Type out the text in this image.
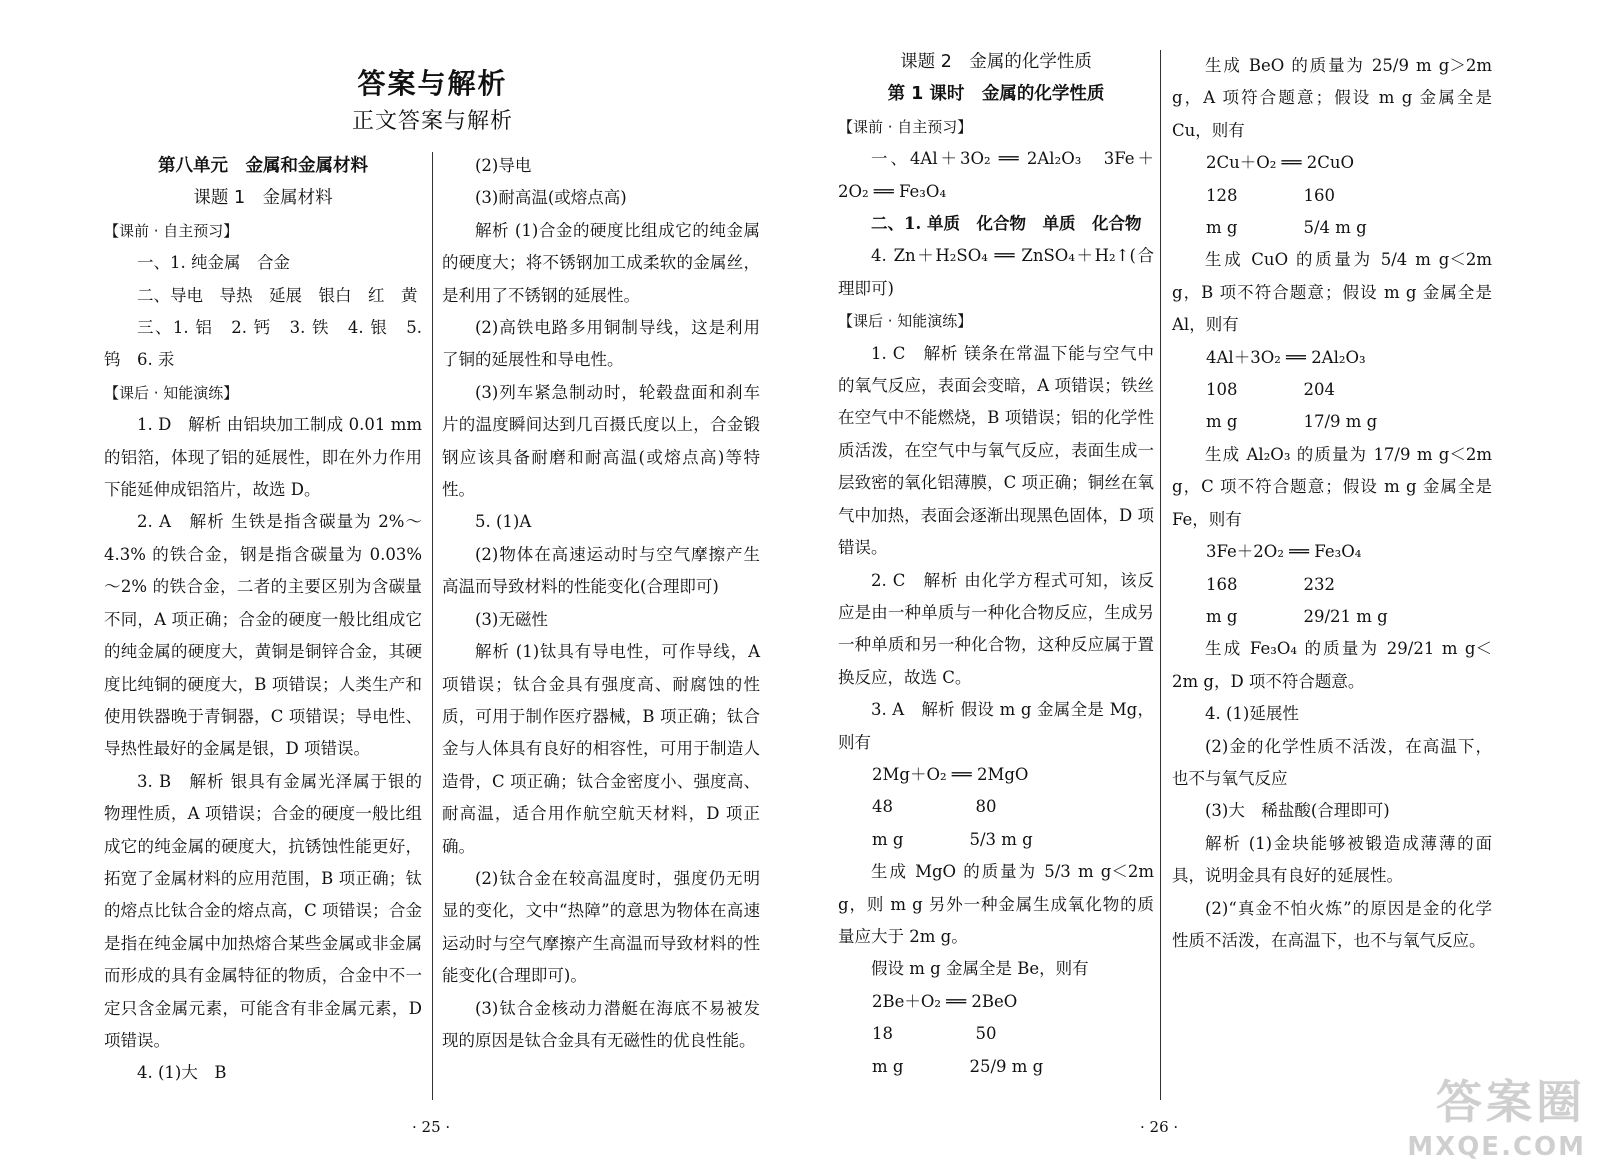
答案与解析
正文答案与解析

第八单元　金属和金属材料

课题 1　金属材料

【课前 · 自主预习】

一、1. 纯金属　合金

二、导电　导热　延展　银白　红　黄

三、1. 铝　2. 钙　3. 铁　4. 银　5. 钨　6. 汞

【课后 · 知能演练】

1. D　解析 由铝块加工制成 0.01 mm 的铝箔，体现了铝的延展性，即在外力作用下能延伸成铝箔片，故选 D。

2. A　解析 生铁是指含碳量为 2%～4.3% 的铁合金，钢是指含碳量为 0.03%～2% 的铁合金，二者的主要区别为含碳量不同，A 项正确；合金的硬度一般比组成它的纯金属的硬度大，黄铜是铜锌合金，其硬度比纯铜的硬度大，B 项错误；人类生产和使用铁器晚于青铜器，C 项错误；导电性、导热性最好的金属是银，D 项错误。

3. B　解析 银具有金属光泽属于银的物理性质，A 项错误；合金的硬度一般比组成它的纯金属的硬度大，抗锈蚀性能更好，拓宽了金属材料的应用范围，B 项正确；钛的熔点比钛合金的熔点高，C 项错误；合金是指在纯金属中加热熔合某些金属或非金属而形成的具有金属特征的物质，合金中不一定只含金属元素，可能含有非金属元素，D 项错误。

4. (1)大　B

(2)导电

(3)耐高温(或熔点高)

解析 (1)合金的硬度比组成它的纯金属的硬度大；将不锈钢加工成柔软的金属丝，是利用了不锈钢的延展性。

(2)高铁电路多用铜制导线，这是利用了铜的延展性和导电性。

(3)列车紧急制动时，轮毂盘面和刹车片的温度瞬间达到几百摄氏度以上，合金锻钢应该具备耐磨和耐高温(或熔点高)等特性。

5. (1)A

(2)物体在高速运动时与空气摩擦产生高温而导致材料的性能变化(合理即可)

(3)无磁性

解析 (1)钛具有导电性，可作导线，A 项错误；钛合金具有强度高、耐腐蚀的性质，可用于制作医疗器械，B 项正确；钛合金与人体具有良好的相容性，可用于制造人造骨，C 项正确；钛合金密度小、强度高、耐高温，适合用作航空航天材料，D 项正确。

(2)钛合金在较高温度时，强度仍无明显的变化，文中“热障”的意思为物体在高速运动时与空气摩擦产生高温而导致材料的性能变化(合理即可)。

(3)钛合金核动力潜艇在海底不易被发现的原因是钛合金具有无磁性的优良性能。

课题 2　金属的化学性质

第 1 课时　金属的化学性质

【课前 · 自主预习】

一、4Al＋3O₂ ══ 2Al₂O₃　3Fe＋2O₂ ══ Fe₃O₄

二、1. 单质　化合物　单质　化合物

4. Zn＋H₂SO₄ ══ ZnSO₄＋H₂↑(合理即可)

【课后 · 知能演练】

1. C　解析 镁条在常温下能与空气中的氧气反应，表面会变暗，A 项错误；铁丝在空气中不能燃烧，B 项错误；铝的化学性质活泼，在空气中与氧气反应，表面生成一层致密的氧化铝薄膜，C 项正确；铜丝在氧气中加热，表面会逐渐出现黑色固体，D 项错误。

2. C　解析 由化学方程式可知，该反应是由一种单质与一种化合物反应，生成另一种单质和另一种化合物，这种反应属于置换反应，故选 C。

3. A　解析 假设 m g 金属全是 Mg，则有

2Mg＋O₂ ══ 2MgO

48　　　　　80

m g　　　　5/3 m g

生成 MgO 的质量为 5/3 m g＜2m g，则 m g 另外一种金属生成氧化物的质量应大于 2m g。

假设 m g 金属全是 Be，则有

2Be＋O₂ ══ 2BeO

18　　　　　50

m g　　　　25/9 m g

生成 BeO 的质量为 25/9 m g＞2m g，A 项符合题意；假设 m g 金属全是 Cu，则有

2Cu＋O₂ ══ 2CuO

128　　　　160

m g　　　　5/4 m g

生成 CuO 的质量为 5/4 m g＜2m g，B 项不符合题意；假设 m g 金属全是 Al，则有

4Al＋3O₂ ══ 2Al₂O₃

108　　　　204

m g　　　　17/9 m g

生成 Al₂O₃ 的质量为 17/9 m g＜2m g，C 项不符合题意；假设 m g 金属全是 Fe，则有

3Fe＋2O₂ ══ Fe₃O₄

168　　　　232

m g　　　　29/21 m g

生成 Fe₃O₄ 的质量为 29/21 m g＜2m g，D 项不符合题意。

4. (1)延展性

(2)金的化学性质不活泼，在高温下，也不与氧气反应

(3)大　稀盐酸(合理即可)

解析 (1)金块能够被锻造成薄薄的面具，说明金具有良好的延展性。

(2)“真金不怕火炼”的原因是金的化学性质不活泼，在高温下，也不与氧气反应。

· 25 ·	· 26 ·	答案圈
MXQE.COM
